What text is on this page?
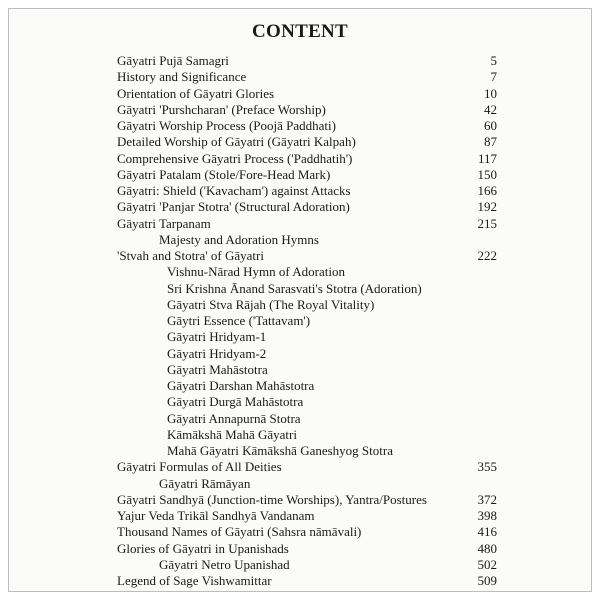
CONTENT
Gāyatri Pujā Samagri	5
History and Significance	7
Orientation of Gāyatri Glories	10
Gāyatri 'Purshcharan' (Preface Worship)	42
Gāyatri Worship Process (Poojā Paddhati)	60
Detailed Worship of Gāyatri (Gāyatri Kalpah)	87
Comprehensive Gāyatri Process ('Paddhatih')	117
Gāyatri Patalam (Stole/Fore-Head Mark)	150
Gāyatri: Shield ('Kavacham') against Attacks	166
Gāyatri 'Panjar Stotra' (Structural Adoration)	192
Gāyatri Tarpanam	215
Majesty and Adoration Hymns
'Stvah and Stotra' of Gāyatri	222
Vishnu-Nārad Hymn of Adoration
Sri Krishna Ānand Sarasvati's Stotra (Adoration)
Gāyatri Stva Rājah (The Royal Vitality)
Gāytri Essence ('Tattavam')
Gāyatri Hridyam-1
Gāyatri Hridyam-2
Gāyatri Mahāstotra
Gāyatri Darshan Mahāstotra
Gāyatri Durgā Mahāstotra
Gāyatri Annapurnā Stotra
Kāmākshā Mahā Gāyatri
Mahā Gāyatri Kāmākshā Ganeshyog Stotra
Gāyatri Formulas of All Deities	355
Gāyatri Rāmāyan
Gāyatri Sandhyā (Junction-time Worships), Yantra/Postures	372
Yajur Veda Trikāl Sandhyā Vandanam	398
Thousand Names of Gāyatri (Sahsra nāmāvali)	416
Glories of Gāyatri in Upanishads	480
Gāyatri Netro Upanishad	502
Legend of Sage Vishwamittar	509
